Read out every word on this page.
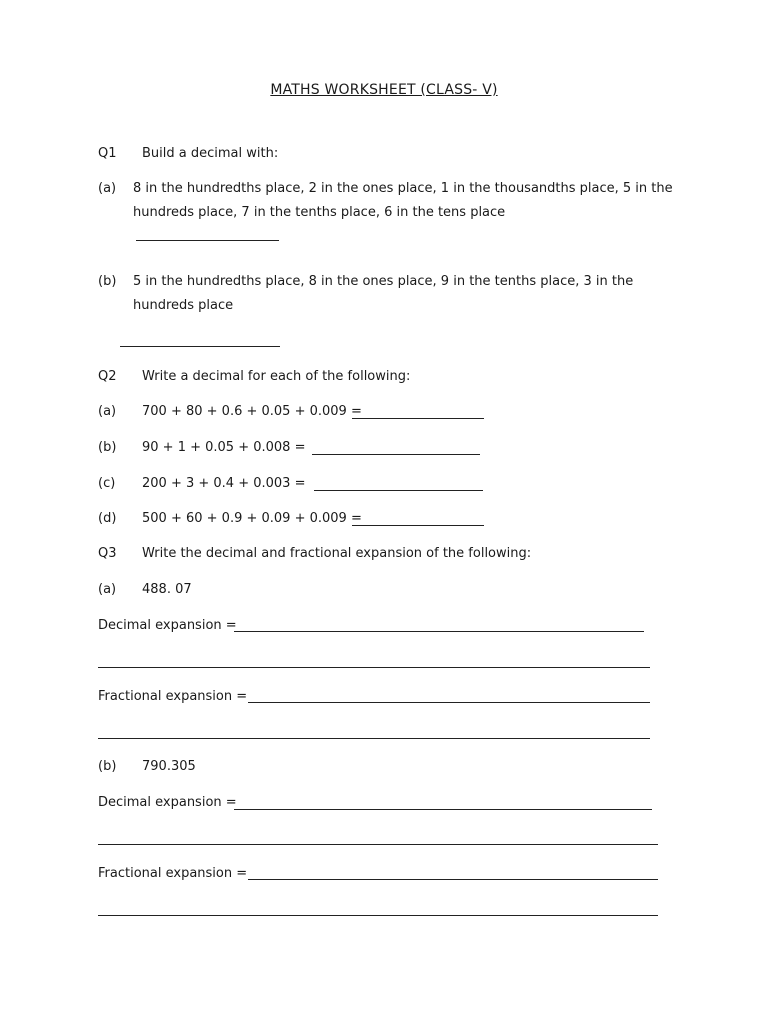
MATHS WORKSHEET (CLASS- V)
Q1 Build a decimal with:
(a) 8 in the hundredths place, 2 in the ones place, 1 in the thousandths place, 5 in the
hundreds place, 7 in the tenths place, 6 in the tens place
(b) 5 in the hundredths place, 8 in the ones place, 9 in the tenths place, 3 in the
hundreds place
Q2 Write a decimal for each of the following:
(a) 700 + 80 + 0.6 + 0.05 + 0.009 =
(b) 90 + 1 + 0.05 + 0.008 =
(c) 200 + 3 + 0.4 + 0.003 =
(d) 500 + 60 + 0.9 + 0.09 + 0.009 =
Q3 Write the decimal and fractional expansion of the following:
(a) 488. 07
Decimal expansion =
Fractional expansion =
(b) 790.305
Decimal expansion =
Fractional expansion =
